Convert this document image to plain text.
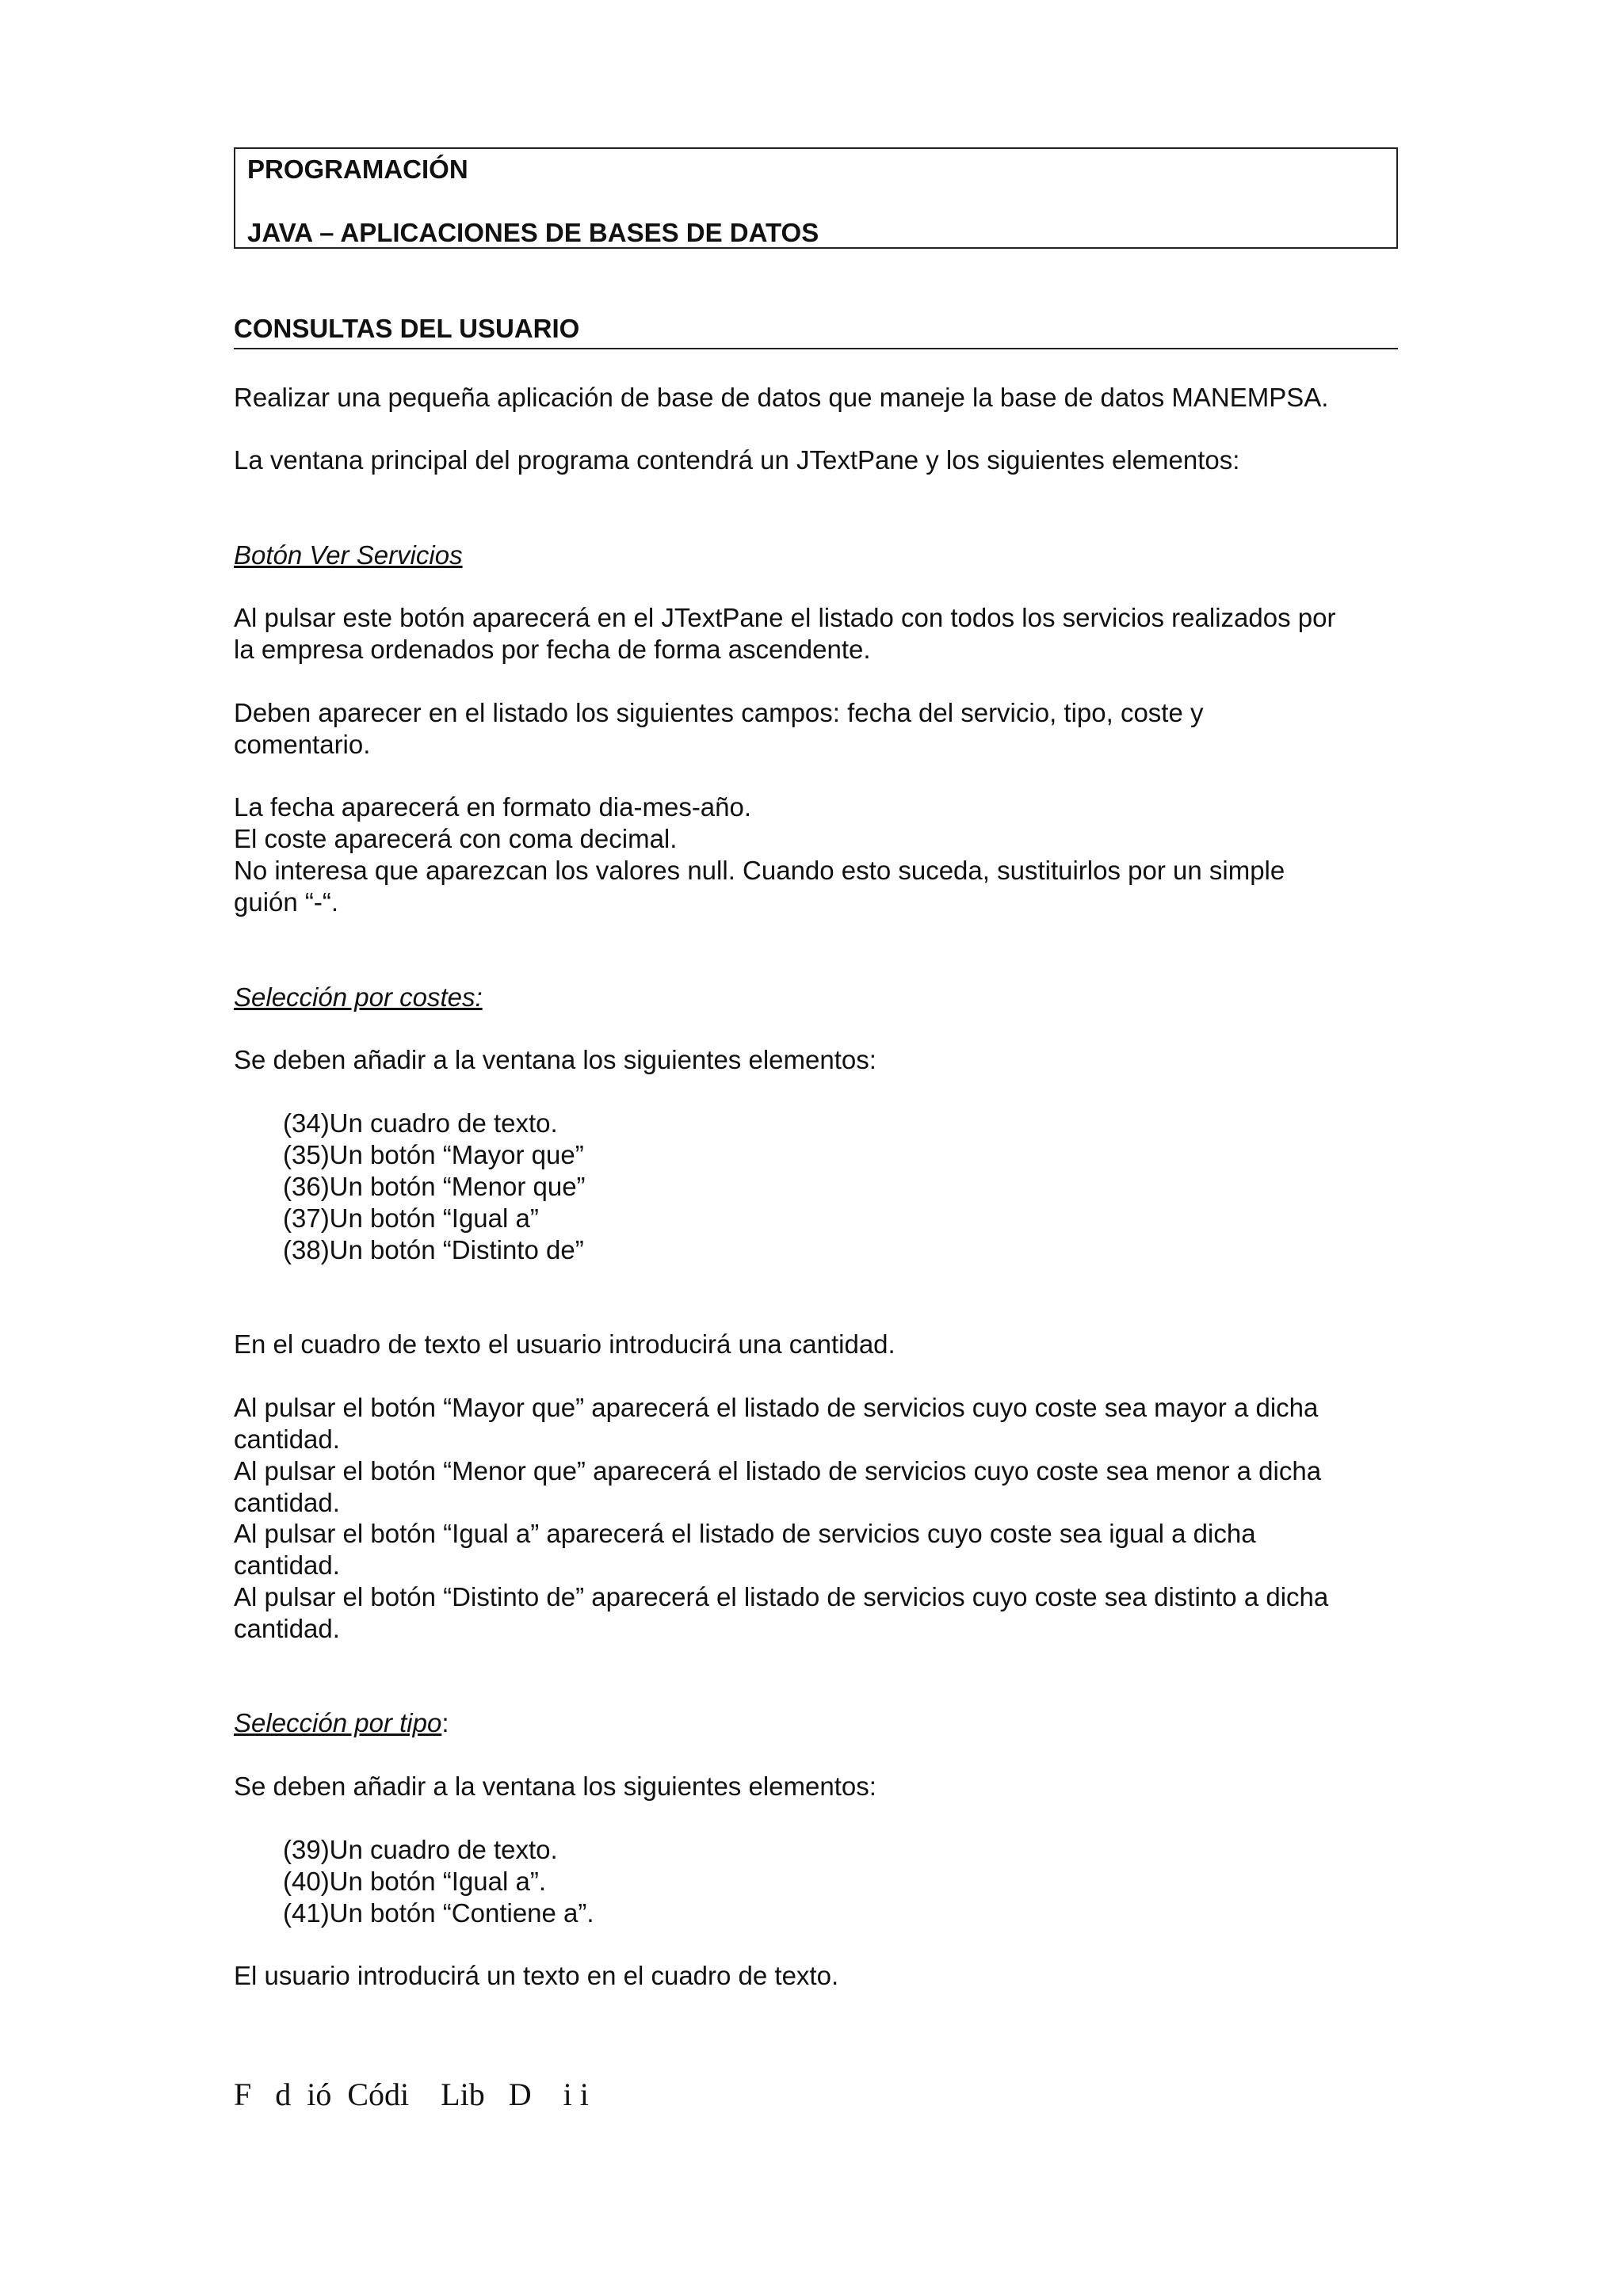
PROGRAMACIÓN
JAVA – APLICACIONES DE BASES DE DATOS
CONSULTAS DEL USUARIO
Realizar una pequeña aplicación de base de datos que maneje la base de datos MANEMPSA.
La ventana principal del programa contendrá un JTextPane y los siguientes elementos:
Botón Ver Servicios
Al pulsar este botón aparecerá en el JTextPane el listado con todos los servicios realizados por
la empresa ordenados por fecha de forma ascendente.
Deben aparecer en el listado los siguientes campos: fecha del servicio, tipo, coste y
comentario.
La fecha aparecerá en formato dia-mes-año.
El coste aparecerá con coma decimal.
No interesa que aparezcan los valores null. Cuando esto suceda, sustituirlos por un simple
guión “-“.
Selección por costes:
Se deben añadir a la ventana los siguientes elementos:
(34)Un cuadro de texto.
(35)Un botón “Mayor que”
(36)Un botón “Menor que”
(37)Un botón “Igual a”
(38)Un botón “Distinto de”
En el cuadro de texto el usuario introducirá una cantidad.
Al pulsar el botón “Mayor que” aparecerá el listado de servicios cuyo coste sea mayor a dicha
cantidad.
Al pulsar el botón “Menor que” aparecerá el listado de servicios cuyo coste sea menor a dicha
cantidad.
Al pulsar el botón “Igual a” aparecerá el listado de servicios cuyo coste sea igual a dicha
cantidad.
Al pulsar el botón “Distinto de” aparecerá el listado de servicios cuyo coste sea distinto a dicha
cantidad.
Selección por tipo:
Se deben añadir a la ventana los siguientes elementos:
(39)Un cuadro de texto.
(40)Un botón “Igual a”.
(41)Un botón “Contiene a”.
El usuario introducirá un texto en el cuadro de texto.
F   d  ió  Códi    Lib   D    i i
